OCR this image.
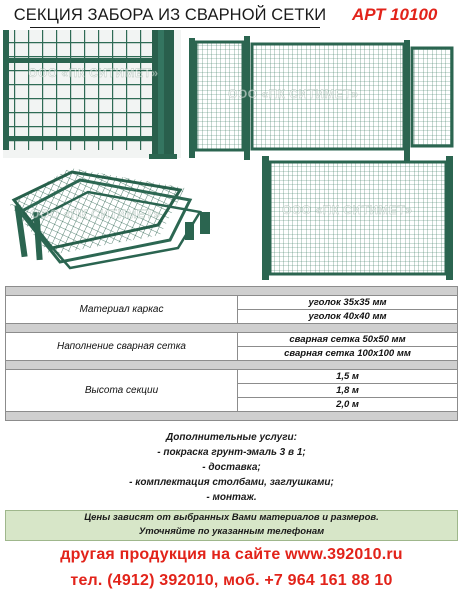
СЕКЦИЯ ЗАБОРА ИЗ СВАРНОЙ СЕТКИ АРТ 10100
ООО «ПК СИТИМЕТ»
ООО «ПК СИТИМЕТ»
ООО «ПК СИТИМЕТ»	ООО «ПК СИТИМЕТ»

Материал каркас	уголок 35x35 мм
	уголок 40x40 мм

Наполнение сварная сетка	сварная сетка 50x50 мм
	сварная сетка 100x100 мм

Высота секции	1,5 м
	1,8 м
	2,0 м

Дополнительные услуги:
- покраска грунт-эмаль 3 в 1;
- доставка;
- комплектация столбами, заглушками;
- монтаж.
Цены зависят от выбранных Вами материалов и размеров.
Уточняйте по указанным телефонам
другая продукция на сайте www.392010.ru
тел. (4912) 392010, моб. +7 964 161 88 10
